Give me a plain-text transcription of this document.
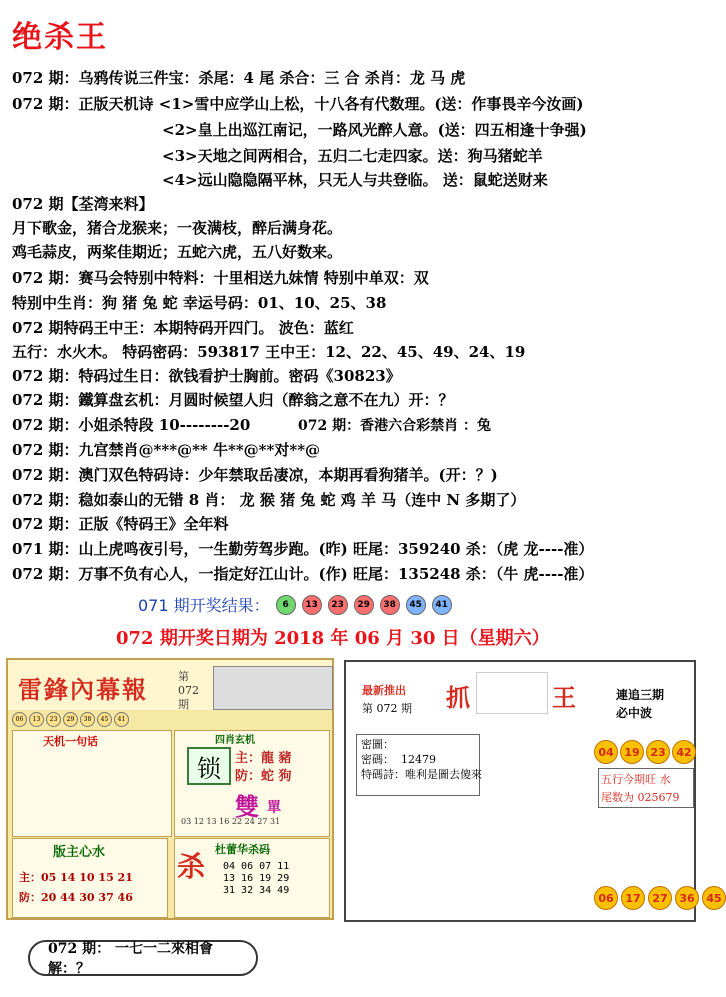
绝杀王
072 期：乌鸦传说三件宝：杀尾：4 尾 杀合：三 合 杀肖：龙 马 虎
072 期：正版天机诗 <1>雪中应学山上松，十八各有代数理。(送：作事畏辛今汝画)
<2>皇上出巡江南记，一路风光醉人意。(送：四五相逢十争强)
<3>天地之间两相合，五归二七走四家。送：狗马猪蛇羊
<4>远山隐隐隔平林，只无人与共登临。 送：鼠蛇送财来
072 期【荃湾来料】
月下歌金，猪合龙猴来；一夜满枝，醉后满身花。
鸡毛蒜皮，两桨佳期近；五蛇六虎，五八好数来。
072 期：赛马会特别中特料：十里相送九妹情 特别中单双：双
特别中生肖：狗 猪 兔 蛇 幸运号码：01、10、25、38
072 期特码王中王：本期特码开四门。 波色：蓝红
五行：水火木。 特码密码：593817 王中王：12、22、45、49、24、19
072 期：特码过生日：欲钱看护士胸前。密码《30823》
072 期：鐵算盘玄机：月圆时候望人归（醉翁之意不在九）开：？
072 期：小姐杀特段 10--------20	072 期：香港六合彩禁肖 ：兔
072 期：九宫禁肖@***@** 牛**@**对**@
072 期：澳门双色特码诗：少年禁取岳凄凉，本期再看狗猪羊。(开：？)
072 期：稳如泰山的无错 8 肖： 龙 猴 猪 兔 蛇 鸡 羊 马（连中 N 多期了）
072 期：正版《特码王》全年料
071 期：山上虎鸣夜引号，一生勤劳驾步跑。(昨) 旺尾：359240 杀：（虎 龙----准）
072 期：万事不负有心人，一指定好江山计。(作) 旺尾：135248 杀：（牛 虎----准）
071 期开奖结果：	6	13	23	29	38	45	41
072 期开奖日期为 2018 年 06 月 30 日（星期六）
雷鋒內幕報	第 072 期
06	13	23	29	38	45	41
天机一句话	四肖玄机
锁	主：龍 豬
防：蛇 狗
雙 單
03 12 13 16 22 24 27 31
版主心水
主：05 14 10 15 21
防：20 44 30 37 46
杀
杜蕾华杀码
04 06 07 11
13 16 19 29
31 32 34 49
最新推出
第 072 期 抓	王	連追三期
必中波
密圖：
密碼：  12479
特碼詩：唯利是圖去傻來
04 19 23 42
五行今期旺 水
尾数为 025679
06	17	27	36	45
072 期： 一七一二來相會 解：？
